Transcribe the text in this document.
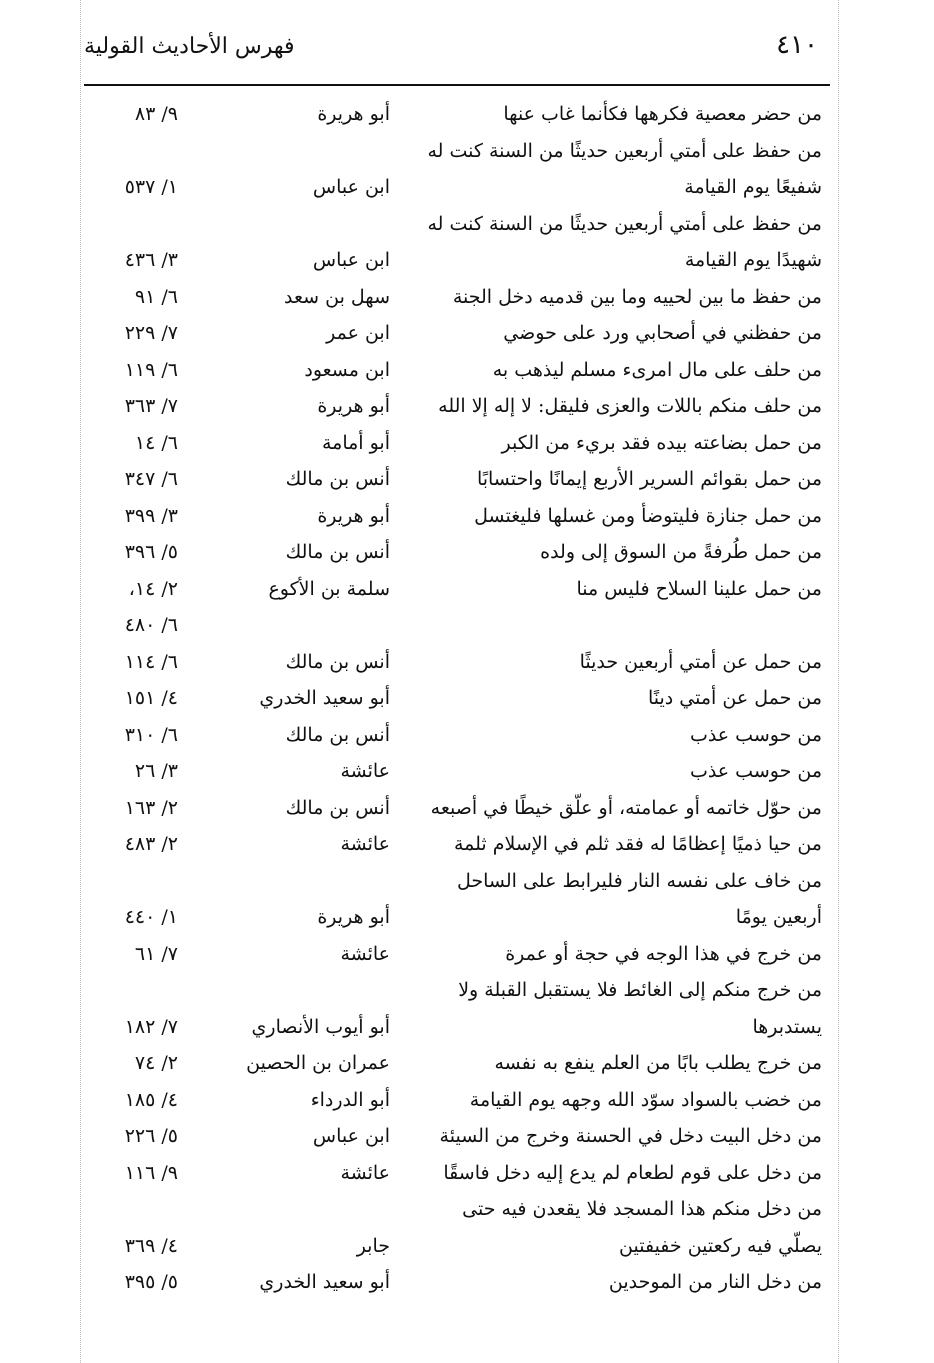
٤١٠
فهرس الأحاديث القولية
من حضر معصية فكرهها فكأنما غاب عنها
أبو هريرة
٩/ ٨٣
من حفظ على أمتي أربعين حديثًا من السنة كنت له
شفيعًا يوم القيامة
ابن عباس
١/ ٥٣٧
من حفظ على أمتي أربعين حديثًا من السنة كنت له
شهيدًا يوم القيامة
ابن عباس
٣/ ٤٣٦
من حفظ ما بين لحييه وما بين قدميه دخل الجنة
سهل بن سعد
٦/ ٩١
من حفظني في أصحابي ورد على حوضي
ابن عمر
٧/ ٢٢٩
من حلف على مال امرىء مسلم ليذهب به
ابن مسعود
٦/ ١١٩
من حلف منكم باللات والعزى فليقل: لا إله إلا الله
أبو هريرة
٧/ ٣٦٣
من حمل بضاعته بيده فقد بريء من الكبر
أبو أمامة
٦/ ١٤
من حمل بقوائم السرير الأربع إيمانًا واحتسابًا
أنس بن مالك
٦/ ٣٤٧
من حمل جنازة فليتوضأ ومن غسلها فليغتسل
أبو هريرة
٣/ ٣٩٩
من حمل طُرفةً من السوق إلى ولده
أنس بن مالك
٥/ ٣٩٦
من حمل علينا السلاح فليس منا
سلمة بن الأكوع
٢/ ١٤،
٦/ ٤٨٠
من حمل عن أمتي أربعين حديثًا
أنس بن مالك
٦/ ١١٤
من حمل عن أمتي دينًا
أبو سعيد الخدري
٤/ ١٥١
من حوسب عذب
أنس بن مالك
٦/ ٣١٠
من حوسب عذب
عائشة
٣/ ٢٦
من حوّل خاتمه أو عمامته، أو علّق خيطًا في أصبعه
أنس بن مالك
٢/ ١٦٣
من حيا ذميًا إعظامًا له فقد ثلم في الإسلام ثلمة
عائشة
٢/ ٤٨٣
من خاف على نفسه النار فليرابط على الساحل
أربعين يومًا
أبو هريرة
١/ ٤٤٠
من خرج في هذا الوجه في حجة أو عمرة
عائشة
٧/ ٦١
من خرج منكم إلى الغائط فلا يستقبل القبلة ولا
يستدبرها
أبو أيوب الأنصاري
٧/ ١٨٢
من خرج يطلب بابًا من العلم ينفع به نفسه
عمران بن الحصين
٢/ ٧٤
من خضب بالسواد سوّد الله وجهه يوم القيامة
أبو الدرداء
٤/ ١٨٥
من دخل البيت دخل في الحسنة وخرج من السيئة
ابن عباس
٥/ ٢٢٦
من دخل على قوم لطعام لم يدع إليه دخل فاسقًا
عائشة
٩/ ١١٦
من دخل منكم هذا المسجد فلا يقعدن فيه حتى
يصلّي فيه ركعتين خفيفتين
جابر
٤/ ٣٦٩
من دخل النار من الموحدين
أبو سعيد الخدري
٥/ ٣٩٥
